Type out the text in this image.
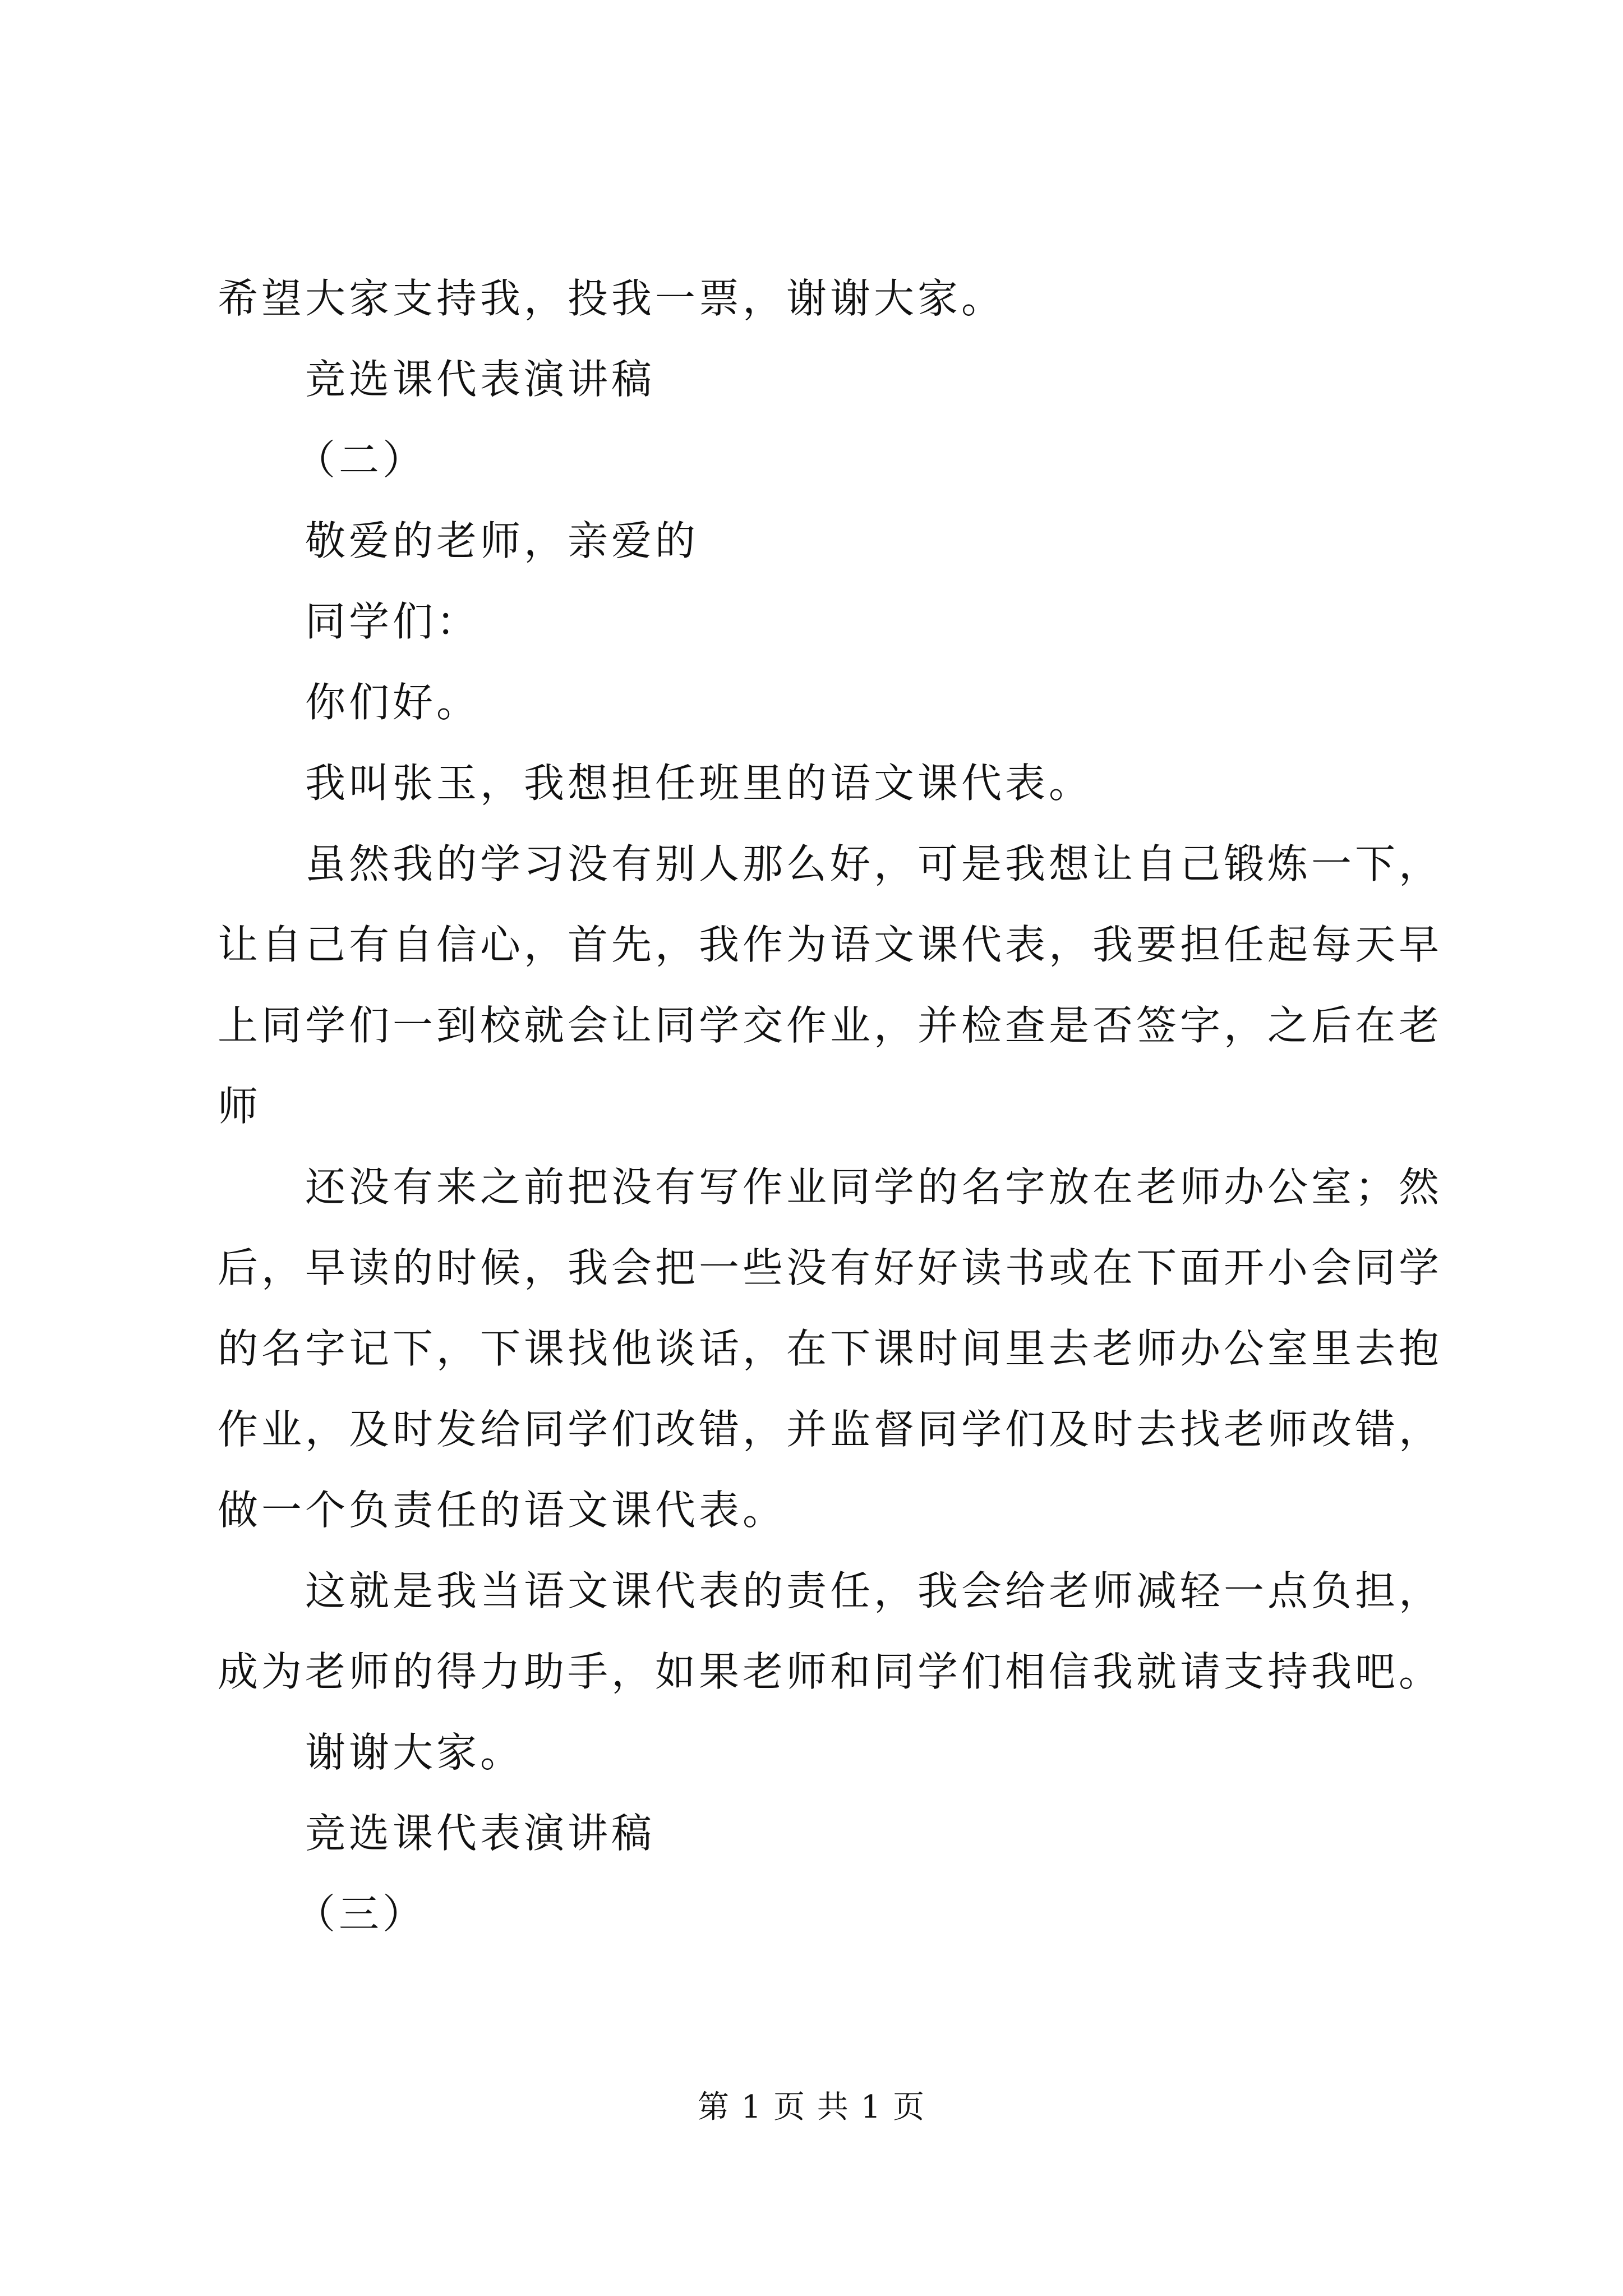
希望大家支持我，投我一票，谢谢大家。
竞选课代表演讲稿
（二）
敬爱的老师，亲爱的
同学们：
你们好。
我叫张玉，我想担任班里的语文课代表。
虽然我的学习没有别人那么好，可是我想让自己锻炼一下，
让自己有自信心，首先，我作为语文课代表，我要担任起每天早
上同学们一到校就会让同学交作业，并检查是否签字，之后在老
师
还没有来之前把没有写作业同学的名字放在老师办公室；然
后，早读的时候，我会把一些没有好好读书或在下面开小会同学
的名字记下，下课找他谈话，在下课时间里去老师办公室里去抱
作业，及时发给同学们改错，并监督同学们及时去找老师改错，
做一个负责任的语文课代表。
这就是我当语文课代表的责任，我会给老师减轻一点负担，
成为老师的得力助手，如果老师和同学们相信我就请支持我吧。
谢谢大家。
竞选课代表演讲稿
（三）
第 1 页 共 1 页
